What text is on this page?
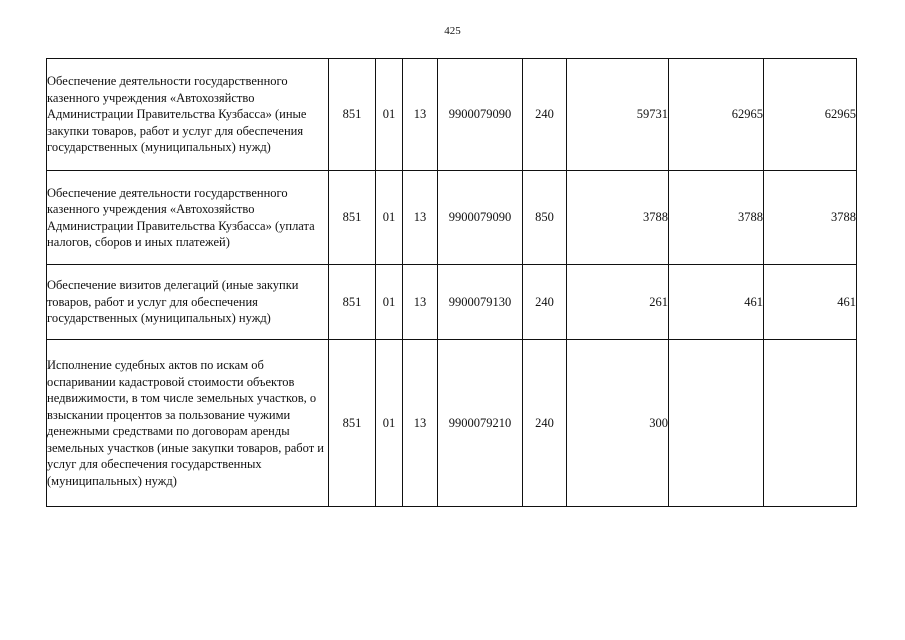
425
Обеспечение деятельности государственного казенного учреждения «Автохозяйство Администрации Правительства Кузбасса» (иные закупки товаров, работ и услуг для обеспечения государственных (муниципальных) нужд)	851	01	13	9900079090	240	59731	62965	62965
Обеспечение деятельности государственного казенного учреждения «Автохозяйство Администрации Правительства Кузбасса» (уплата налогов, сборов и иных платежей)	851	01	13	9900079090	850	3788	3788	3788
Обеспечение визитов делегаций (иные закупки товаров, работ и услуг для обеспечения государственных (муниципальных) нужд)	851	01	13	9900079130	240	261	461	461
Исполнение судебных актов по искам об оспаривании кадастровой стоимости объектов недвижимости, в том числе земельных участков, о взыскании процентов за пользование чужими денежными средствами по договорам аренды земельных участков (иные закупки товаров, работ и услуг для обеспечения государственных (муниципальных) нужд)	851	01	13	9900079210	240	300		
